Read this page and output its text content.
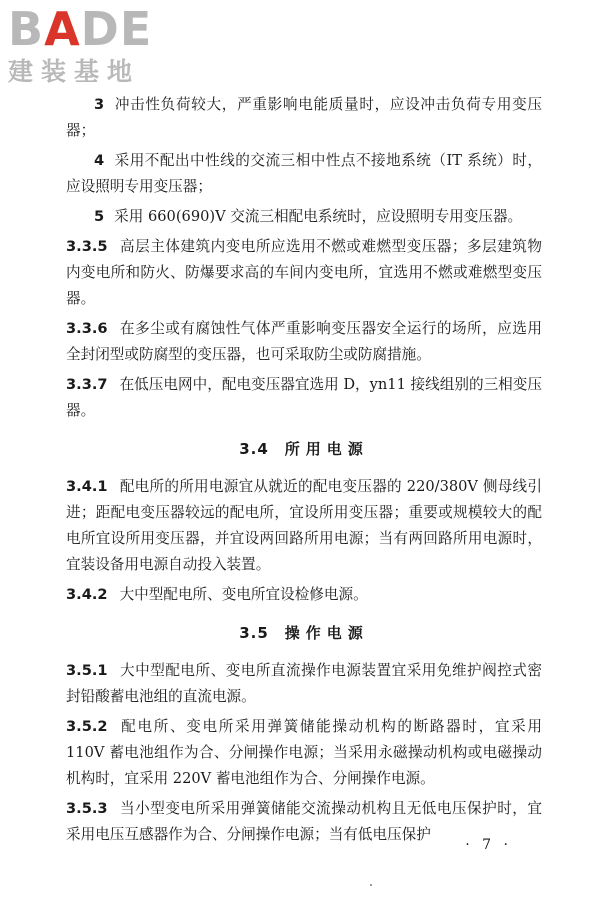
BADE
建装基地

3 冲击性负荷较大，严重影响电能质量时，应设冲击负荷专用变压器；

4 采用不配出中性线的交流三相中性点不接地系统（IT 系统）时，应设照明专用变压器；

5 采用 660(690)V 交流三相配电系统时，应设照明专用变压器。

3.3.5 高层主体建筑内变电所应选用不燃或难燃型变压器；多层建筑物内变电所和防火、防爆要求高的车间内变电所，宜选用不燃或难燃型变压器。

3.3.6 在多尘或有腐蚀性气体严重影响变压器安全运行的场所，应选用全封闭型或防腐型的变压器，也可采取防尘或防腐措施。

3.3.7 在低压电网中，配电变压器宜选用 D，yn11 接线组别的三相变压器。

3.4 所用电源

3.4.1 配电所的所用电源宜从就近的配电变压器的 220/380V 侧母线引进；距配电变压器较远的配电所，宜设所用变压器；重要或规模较大的配电所宜设所用变压器，并宜设两回路所用电源；当有两回路所用电源时，宜装设备用电源自动投入装置。

3.4.2 大中型配电所、变电所宜设检修电源。

3.5 操作电源

3.5.1 大中型配电所、变电所直流操作电源装置宜采用免维护阀控式密封铅酸蓄电池组的直流电源。

3.5.2 配电所、变电所采用弹簧储能操动机构的断路器时，宜采用 110V 蓄电池组作为合、分闸操作电源；当采用永磁操动机构或电磁操动机构时，宜采用 220V 蓄电池组作为合、分闸操作电源。

3.5.3 当小型变电所采用弹簧储能交流操动机构且无低电压保护时，宜采用电压互感器作为合、分闸操作电源；当有低电压保护

· 7 ·
